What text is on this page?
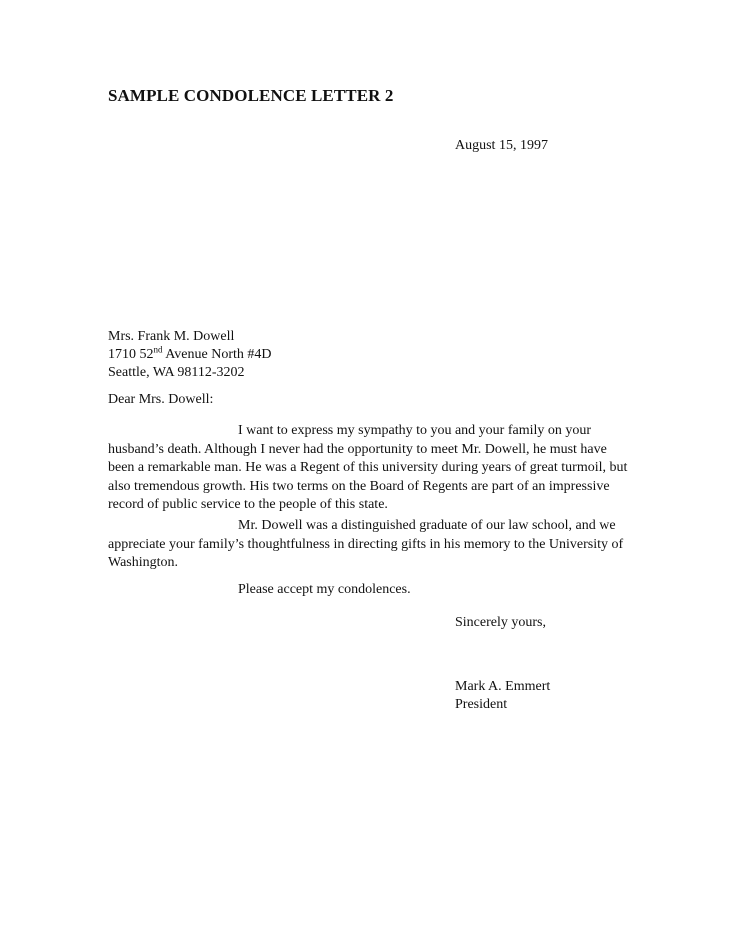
SAMPLE CONDOLENCE LETTER 2
August 15, 1997
Mrs. Frank M. Dowell
1710 52nd Avenue North #4D
Seattle, WA 98112-3202
Dear Mrs. Dowell:
I want to express my sympathy to you and your family on your
husband’s death. Although I never had the opportunity to meet Mr. Dowell, he must have
been a remarkable man. He was a Regent of this university during years of great turmoil, but
also tremendous growth. His two terms on the Board of Regents are part of an impressive
record of public service to the people of this state.
Mr. Dowell was a distinguished graduate of our law school, and we
appreciate your family’s thoughtfulness in directing gifts in his memory to the University of
Washington.
Please accept my condolences.
Sincerely yours,
Mark A. Emmert
President
